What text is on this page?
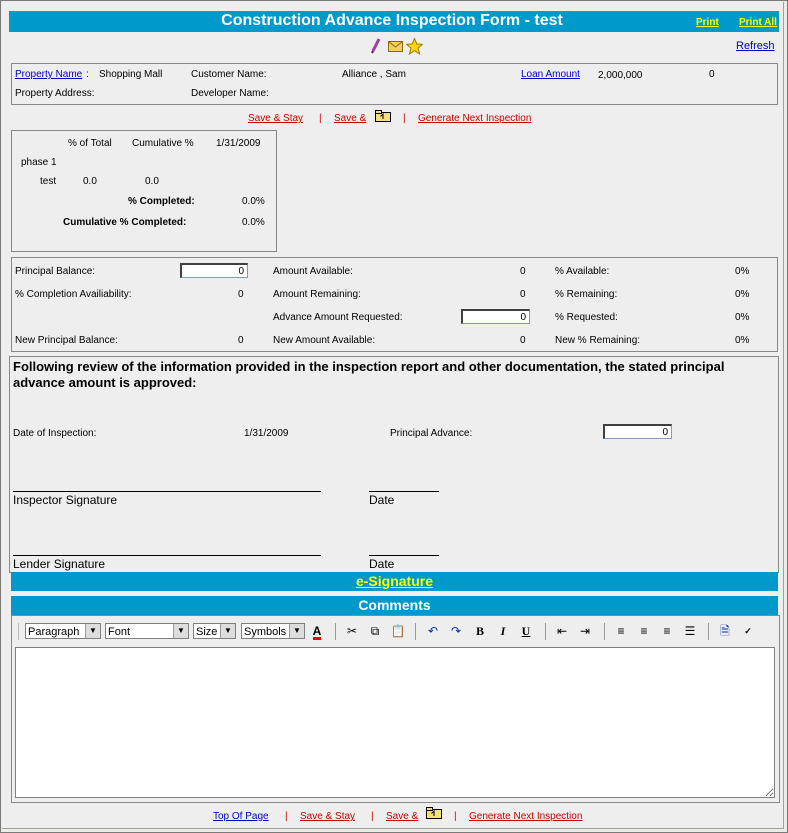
Construction Advance Inspection Form - test	Print Print All
Refresh
Property Name : Shopping Mall	Customer Name:	Alliance , Sam	Loan Amount 2,000,000	0
Property Address:	Developer Name:
Save & Stay | Save &	| Generate Next Inspection
% of Total Cumulative % 1/31/2009
phase 1
test	0.0	0.0
% Completed:	0.0%
Cumulative % Completed:	0.0%
Principal Balance:
0
% Completion Availiability:	0
New Principal Balance:	0
Amount Available:	0
Amount Remaining:	0
Advance Amount Requested:
0
New Amount Available:	0
% Available:	0%
% Remaining:	0%
% Requested:	0%
New % Remaining:	0%
Following review of the information provided in the inspection report and other documentation, the stated principal advance amount is approved:
Date of Inspection:	1/31/2009	Principal Advance:
0
Inspector Signature	Date
Lender Signature	Date
e-Signature
Comments
Paragraph	▼ Font	▼ Size ▼ Symbols ▼ A	✂	⧉ 📋	↶	↷	B	I	U	⇤	⇥	≡	≡	≡	☰	🗎	✓
Top Of Page | Save & Stay | Save &	| Generate Next Inspection
